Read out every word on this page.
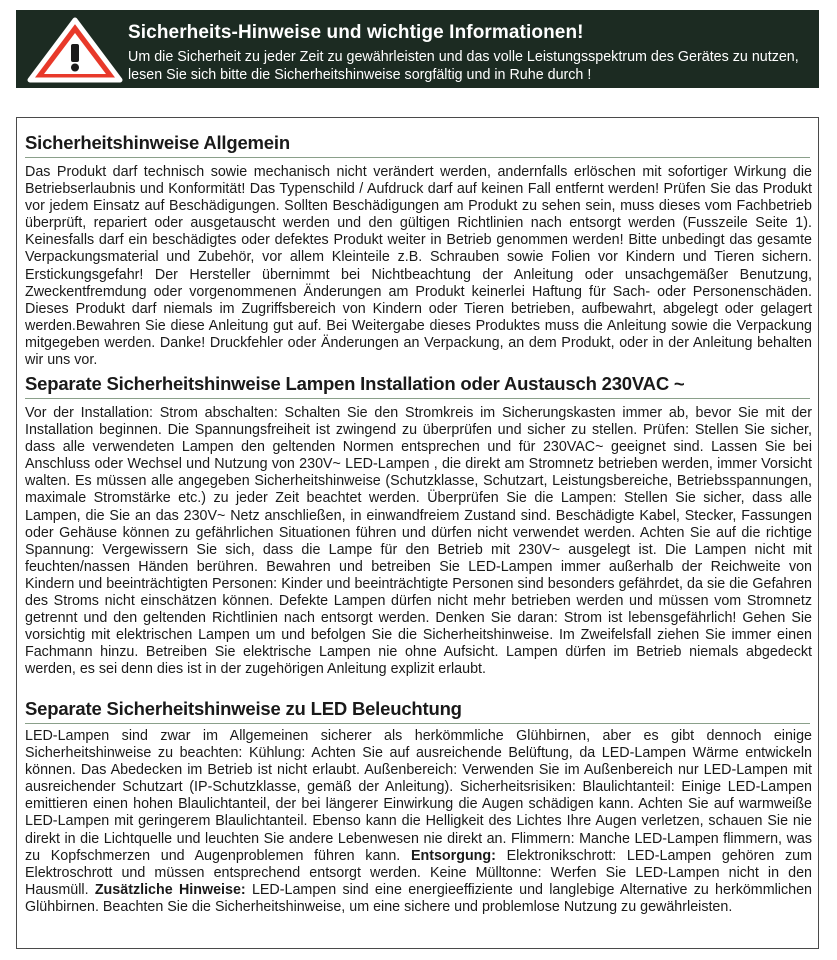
Sicherheits-Hinweise und wichtige Informationen!
Um die Sicherheit zu jeder Zeit zu gewährleisten und das volle Leistungsspektrum des Gerätes zu nutzen, lesen Sie sich bitte die Sicherheitshinweise sorgfältig und in Ruhe durch !
Sicherheitshinweise Allgemein
Das Produkt darf technisch sowie mechanisch nicht verändert werden, andernfalls erlöschen mit sofortiger Wirkung die Betriebserlaubnis und Konformität! Das Typenschild / Aufdruck darf auf keinen Fall entfernt werden! Prüfen Sie das Produkt vor jedem Einsatz auf Beschädigungen. Sollten Beschädigungen am Produkt zu sehen sein, muss dieses vom Fachbetrieb überprüft, repariert oder ausgetauscht werden und den gültigen Richtlinien nach entsorgt werden (Fusszeile Seite 1). Keinesfalls darf ein beschädigtes oder defektes Produkt weiter in Betrieb genommen werden! Bitte unbedingt das gesamte Verpackungsmaterial und Zubehör, vor allem Kleinteile z.B. Schrauben sowie Folien vor Kindern und Tieren sichern. Erstickungsgefahr! Der Hersteller übernimmt bei Nichtbeachtung der Anleitung oder unsachgemäßer Benutzung, Zweckentfremdung oder vorgenommenen Änderungen am Produkt keinerlei Haftung für Sach- oder Personenschäden. Dieses Produkt darf niemals im Zugriffsbereich von Kindern oder Tieren betrieben, aufbewahrt, abgelegt oder gelagert werden.Bewahren Sie diese Anleitung gut auf. Bei Weitergabe dieses Produktes muss die Anleitung sowie die Verpackung mitgegeben werden. Danke! Druckfehler oder Änderungen an Verpackung, an dem Produkt, oder in der Anleitung behalten wir uns vor.
Separate Sicherheitshinweise Lampen Installation oder Austausch 230VAC ~
Vor der Installation: Strom abschalten: Schalten Sie den Stromkreis im Sicherungskasten immer ab, bevor Sie mit der Installation beginnen. Die Spannungsfreiheit ist zwingend zu überprüfen und sicher zu stellen. Prüfen: Stellen Sie sicher, dass alle verwendeten Lampen den geltenden Normen entsprechen und für 230VAC~ geeignet sind. Lassen Sie bei Anschluss oder Wechsel und Nutzung von 230V~ LED-Lampen , die direkt am Stromnetz betrieben werden, immer Vorsicht walten. Es müssen alle angegeben Sicherheitshinweise (Schutzklasse, Schutzart, Leistungsbereiche, Betriebsspannungen, maximale Stromstärke etc.) zu jeder Zeit beachtet werden. Überprüfen Sie die Lampen: Stellen Sie sicher, dass alle Lampen, die Sie an das 230V~ Netz anschließen, in einwandfreiem Zustand sind. Beschädigte Kabel, Stecker, Fassungen oder Gehäuse können zu gefährlichen Situationen führen und dürfen nicht verwendet werden. Achten Sie auf die richtige Spannung: Vergewissern Sie sich, dass die Lampe für den Betrieb mit 230V~ ausgelegt ist. Die Lampen nicht mit feuchten/nassen Händen berühren. Bewahren und betreiben Sie LED-Lampen immer außerhalb der Reichweite von Kindern und beeinträchtigten Personen: Kinder und beeinträchtigte Personen sind besonders gefährdet, da sie die Gefahren des Stroms nicht einschätzen können. Defekte Lampen dürfen nicht mehr betrieben werden und müssen vom Stromnetz getrennt und den geltenden Richtlinien nach entsorgt werden. Denken Sie daran: Strom ist lebensgefährlich! Gehen Sie vorsichtig mit elektrischen Lampen um und befolgen Sie die Sicherheitshinweise. Im Zweifelsfall ziehen Sie immer einen Fachmann hinzu. Betreiben Sie elektrische Lampen nie ohne Aufsicht. Lampen dürfen im Betrieb niemals abgedeckt werden, es sei denn dies ist in der zugehörigen Anleitung explizit erlaubt.
Separate Sicherheitshinweise zu LED Beleuchtung
LED-Lampen sind zwar im Allgemeinen sicherer als herkömmliche Glühbirnen, aber es gibt dennoch einige Sicherheitshinweise zu beachten: Kühlung: Achten Sie auf ausreichende Belüftung, da LED-Lampen Wärme entwickeln können. Das Abedecken im Betrieb ist nicht erlaubt. Außenbereich: Verwenden Sie im Außenbereich nur LED-Lampen mit ausreichender Schutzart (IP-Schutzklasse, gemäß der Anleitung). Sicherheitsrisiken: Blaulichtanteil: Einige LED-Lampen emittieren einen hohen Blaulichtanteil, der bei längerer Einwirkung die Augen schädigen kann. Achten Sie auf warmweiße LED-Lampen mit geringerem Blaulichtanteil. Ebenso kann die Helligkeit des Lichtes Ihre Augen verletzen, schauen Sie nie direkt in die Lichtquelle und leuchten Sie andere Lebenwesen nie direkt an. Flimmern: Manche LED-Lampen flimmern, was zu Kopfschmerzen und Augenproblemen führen kann. Entsorgung: Elektronikschrott: LED-Lampen gehören zum Elektroschrott und müssen entsprechend entsorgt werden. Keine Mülltonne: Werfen Sie LED-Lampen nicht in den Hausmüll. Zusätzliche Hinweise: LED-Lampen sind eine energieeffiziente und langlebige Alternative zu herkömmlichen Glühbirnen. Beachten Sie die Sicherheitshinweise, um eine sichere und problemlose Nutzung zu gewährleisten.
